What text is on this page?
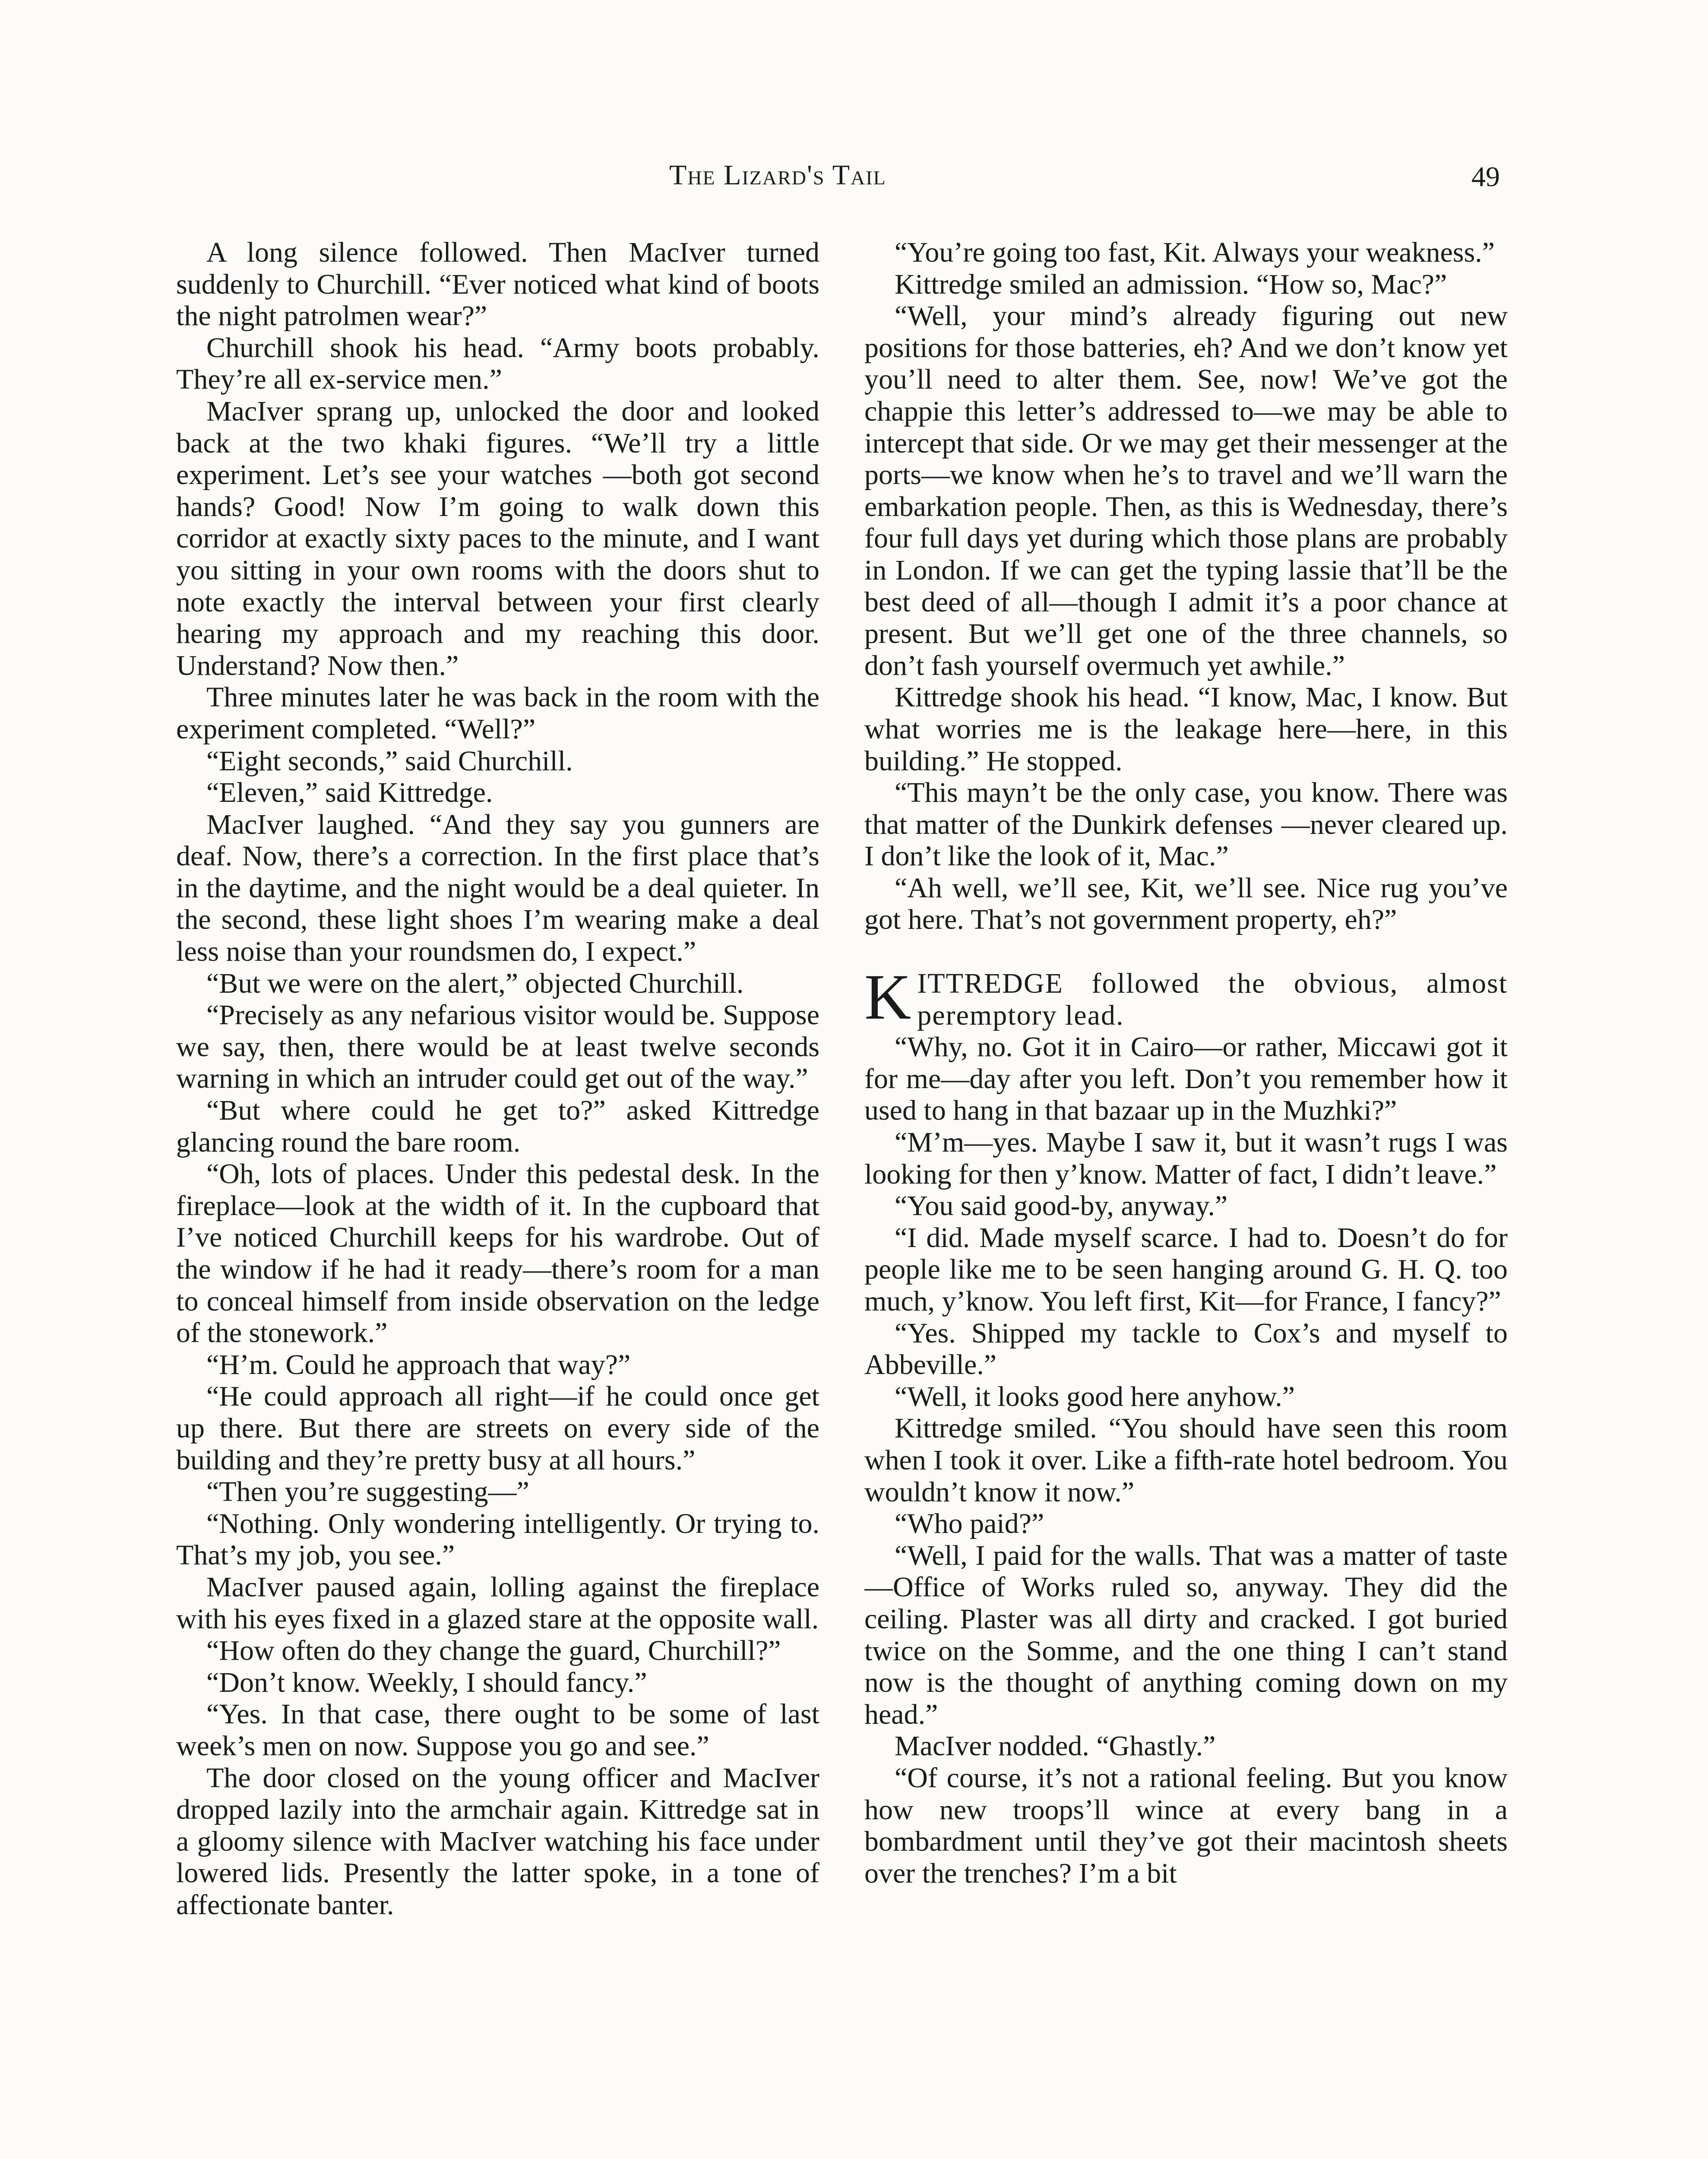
The Lizard's Tail	49

A long silence followed. Then MacIver turned suddenly to Churchill. “Ever noticed what kind of boots the night patrolmen wear?”

Churchill shook his head. “Army boots probably. They’re all ex-service men.”

MacIver sprang up, unlocked the door and looked back at the two khaki figures. “We’ll try a little experiment. Let’s see your watches —both got second hands? Good! Now I’m going to walk down this corridor at exactly sixty paces to the minute, and I want you sitting in your own rooms with the doors shut to note exactly the interval between your first clearly hearing my approach and my reaching this door. Understand? Now then.”

Three minutes later he was back in the room with the experiment completed. “Well?”

“Eight seconds,” said Churchill.

“Eleven,” said Kittredge.

MacIver laughed. “And they say you gunners are deaf. Now, there’s a correction. In the first place that’s in the daytime, and the night would be a deal quieter. In the second, these light shoes I’m wearing make a deal less noise than your roundsmen do, I expect.”

“But we were on the alert,” objected Churchill.

“Precisely as any nefarious visitor would be. Suppose we say, then, there would be at least twelve seconds warning in which an intruder could get out of the way.”

“But where could he get to?” asked Kittredge glancing round the bare room.

“Oh, lots of places. Under this pedestal desk. In the fireplace—look at the width of it. In the cupboard that I’ve noticed Churchill keeps for his wardrobe. Out of the window if he had it ready—there’s room for a man to conceal himself from inside observation on the ledge of the stonework.”

“H’m. Could he approach that way?”

“He could approach all right—if he could once get up there. But there are streets on every side of the building and they’re pretty busy at all hours.”

“Then you’re suggesting—”

“Nothing. Only wondering intelligently. Or trying to. That’s my job, you see.”

MacIver paused again, lolling against the fireplace with his eyes fixed in a glazed stare at the opposite wall.

“How often do they change the guard, Churchill?”

“Don’t know. Weekly, I should fancy.”

“Yes. In that case, there ought to be some of last week’s men on now. Suppose you go and see.”

The door closed on the young officer and MacIver dropped lazily into the armchair again. Kittredge sat in a gloomy silence with MacIver watching his face under lowered lids. Presently the latter spoke, in a tone of affectionate banter.

“You’re going too fast, Kit. Always your weakness.”

Kittredge smiled an admission. “How so, Mac?”

“Well, your mind’s already figuring out new positions for those batteries, eh? And we don’t know yet you’ll need to alter them. See, now! We’ve got the chappie this letter’s addressed to—we may be able to intercept that side. Or we may get their messenger at the ports—we know when he’s to travel and we’ll warn the embarkation people. Then, as this is Wednesday, there’s four full days yet during which those plans are probably in London. If we can get the typing lassie that’ll be the best deed of all—though I admit it’s a poor chance at present. But we’ll get one of the three channels, so don’t fash yourself overmuch yet awhile.”

Kittredge shook his head. “I know, Mac, I know. But what worries me is the leakage here—here, in this building.” He stopped.

“This mayn’t be the only case, you know. There was that matter of the Dunkirk defenses —never cleared up. I don’t like the look of it, Mac.”

“Ah well, we’ll see, Kit, we’ll see. Nice rug you’ve got here. That’s not government property, eh?”

KITTREDGE followed the obvious, almost peremptory lead.

“Why, no. Got it in Cairo—or rather, Miccawi got it for me—day after you left. Don’t you remember how it used to hang in that bazaar up in the Muzhki?”

“M’m—yes. Maybe I saw it, but it wasn’t rugs I was looking for then y’know. Matter of fact, I didn’t leave.”

“You said good-by, anyway.”

“I did. Made myself scarce. I had to. Doesn’t do for people like me to be seen hanging around G. H. Q. too much, y’know. You left first, Kit—for France, I fancy?”

“Yes. Shipped my tackle to Cox’s and myself to Abbeville.”

“Well, it looks good here anyhow.”

Kittredge smiled. “You should have seen this room when I took it over. Like a fifth-rate hotel bedroom. You wouldn’t know it now.”

“Who paid?”

“Well, I paid for the walls. That was a matter of taste—Office of Works ruled so, anyway. They did the ceiling. Plaster was all dirty and cracked. I got buried twice on the Somme, and the one thing I can’t stand now is the thought of anything coming down on my head.”

MacIver nodded. “Ghastly.”

“Of course, it’s not a rational feeling. But you know how new troops’ll wince at every bang in a bombardment until they’ve got their macintosh sheets over the trenches? I’m a bit
